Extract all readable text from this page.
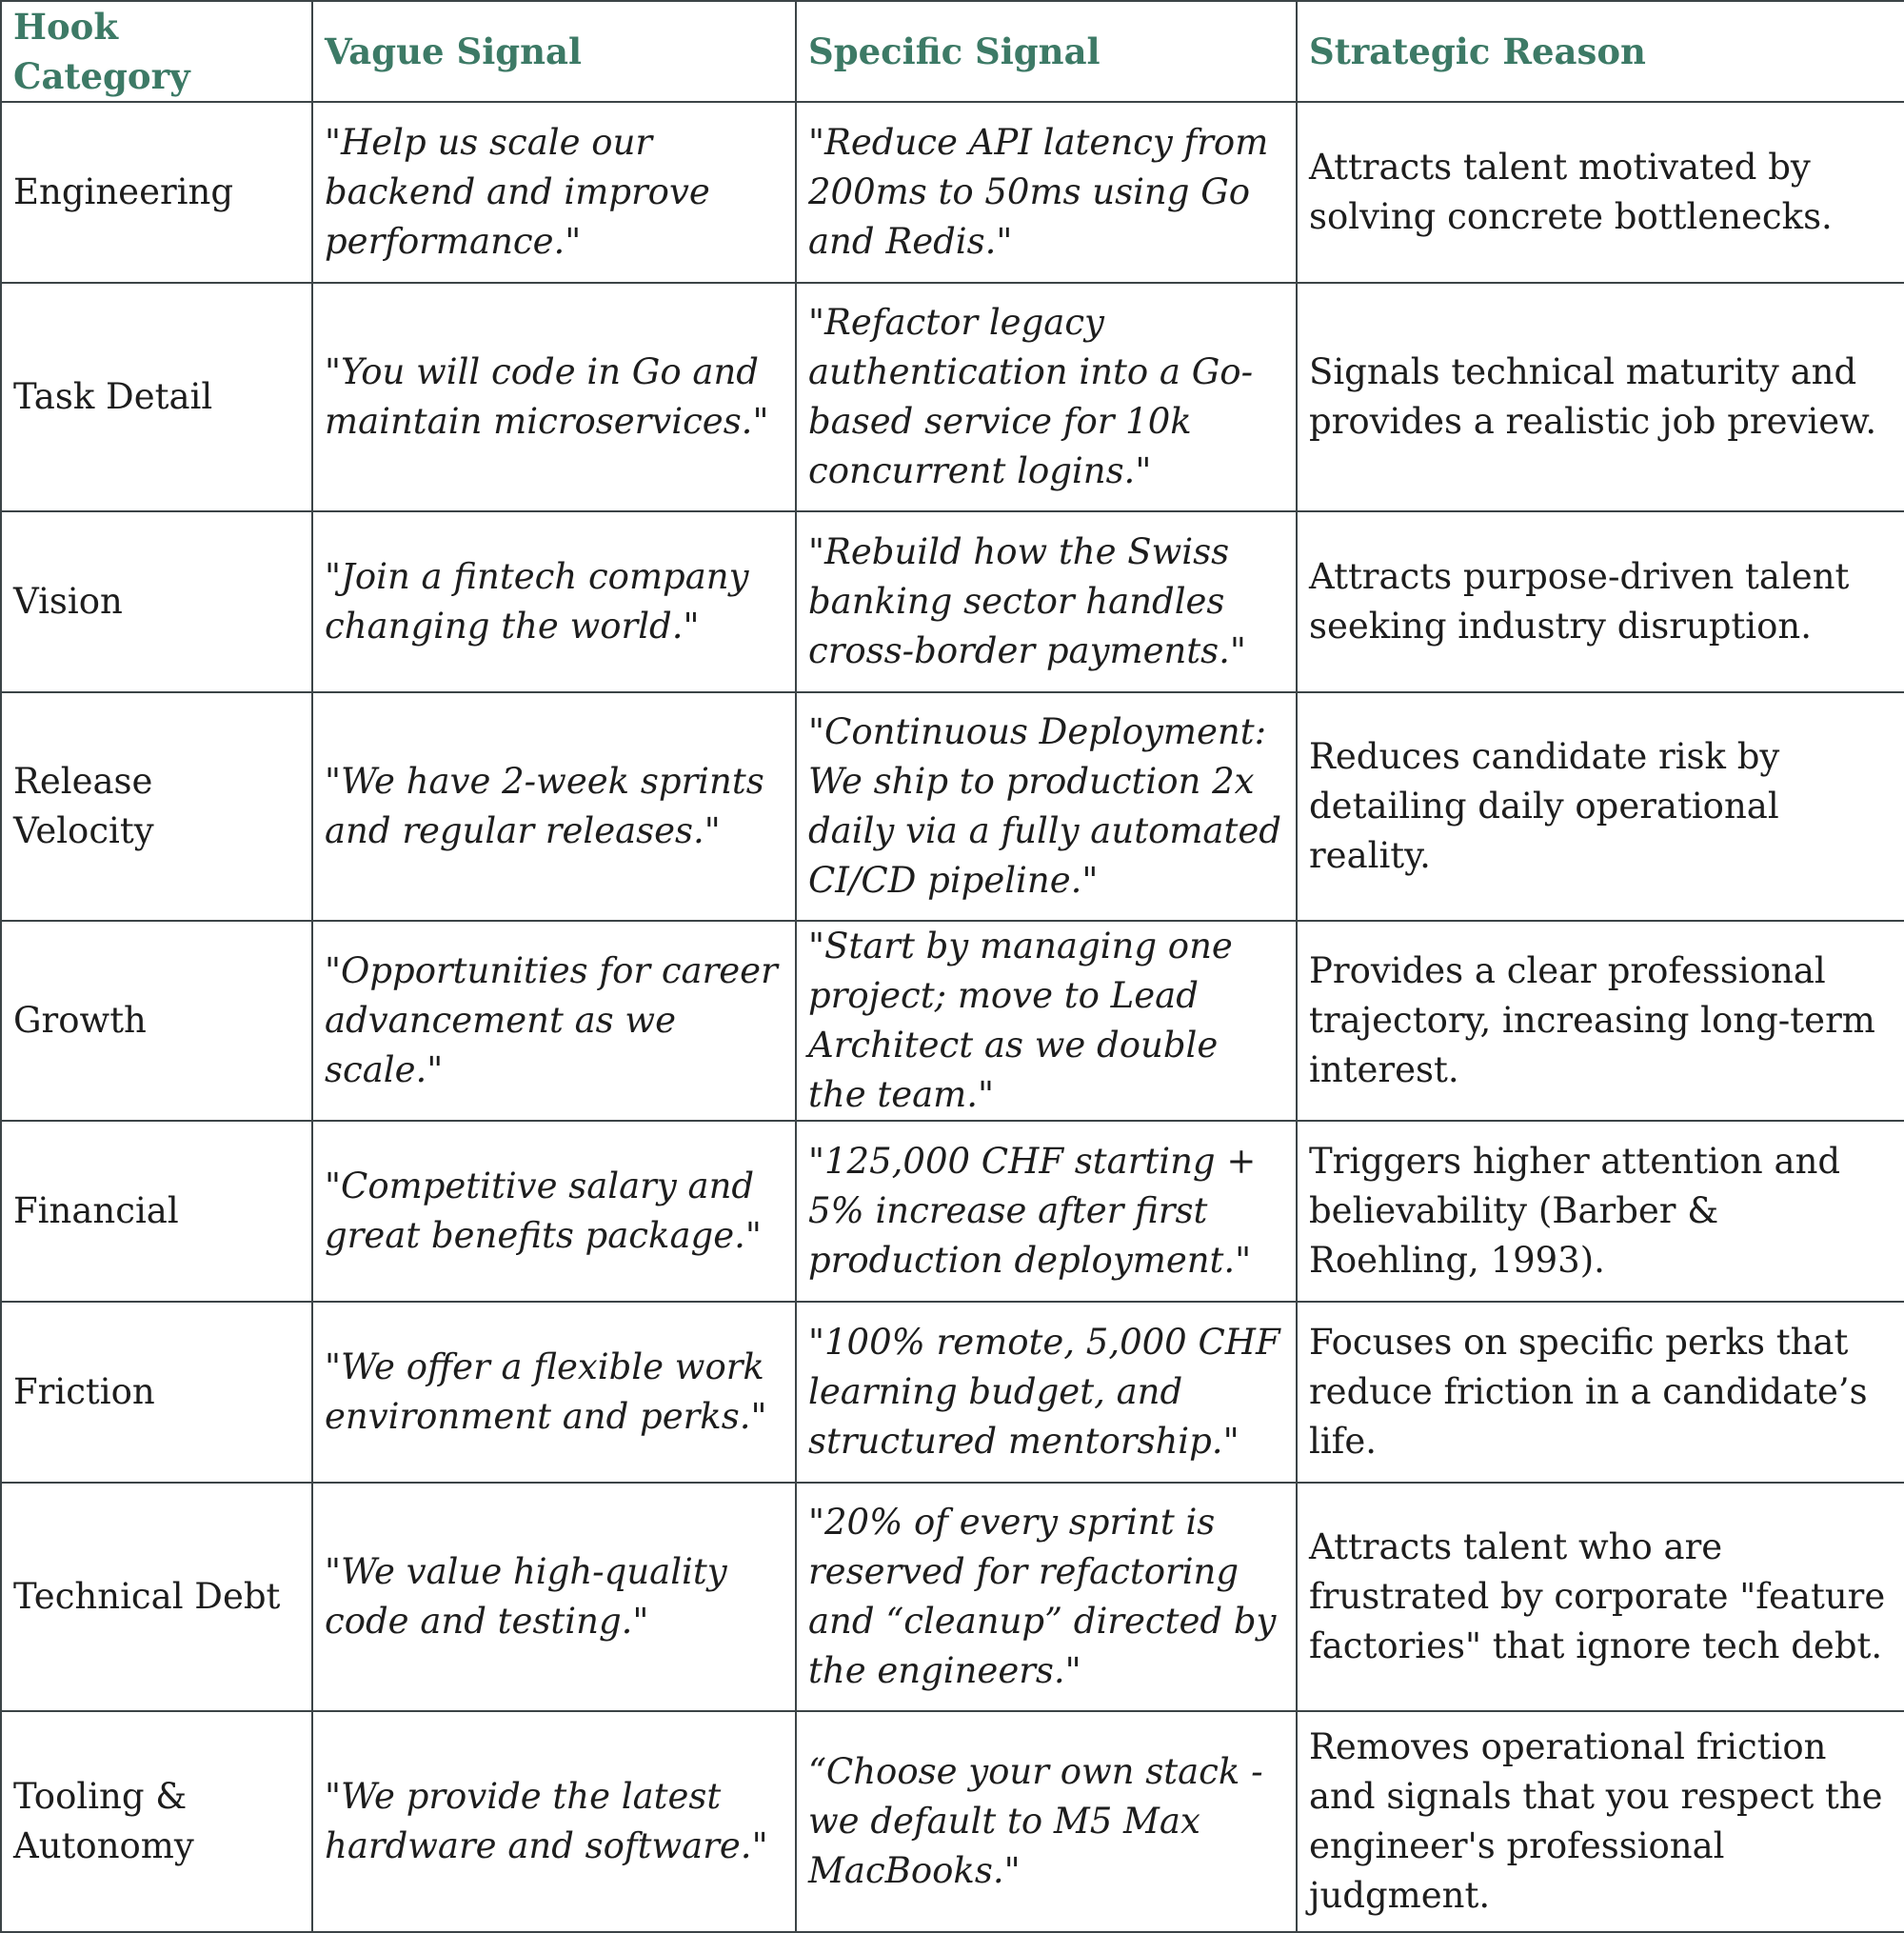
Hook Category	Vague Signal	Specific Signal	Strategic Reason
Engineering	"Help us scale our backend and improve performance."	"Reduce API latency from 200ms to 50ms using Go and Redis."	Attracts talent motivated by solving concrete bottlenecks.
Task Detail	"You will code in Go and maintain microservices."	"Refactor legacy authentication into a Go-based service for 10k concurrent logins."	Signals technical maturity and provides a realistic job preview.
Vision	"Join a fintech company changing the world."	"Rebuild how the Swiss banking sector handles cross-border payments."	Attracts purpose-driven talent seeking industry disruption.
Release Velocity	"We have 2-week sprints and regular releases."	"Continuous Deployment: We ship to production 2x daily via a fully automated CI/CD pipeline."	Reduces candidate risk by detailing daily operational reality.
Growth	"Opportunities for career advancement as we scale."	"Start by managing one project; move to Lead Architect as we double the team."	Provides a clear professional trajectory, increasing long-term interest.
Financial	"Competitive salary and great benefits package."	"125,000 CHF starting + 5% increase after first production deployment."	Triggers higher attention and believability (Barber & Roehling, 1993).
Friction	"We offer a flexible work environment and perks."	"100% remote, 5,000 CHF learning budget, and structured mentorship."	Focuses on specific perks that reduce friction in a candidate’s life.
Technical Debt	"We value high-quality code and testing."	"20% of every sprint is reserved for refactoring and “cleanup” directed by the engineers."	Attracts talent who are frustrated by corporate "feature factories" that ignore tech debt.
Tooling & Autonomy	"We provide the latest hardware and software."	“Choose your own stack - we default to M5 Max MacBooks."	Removes operational friction and signals that you respect the engineer's professional judgment.
